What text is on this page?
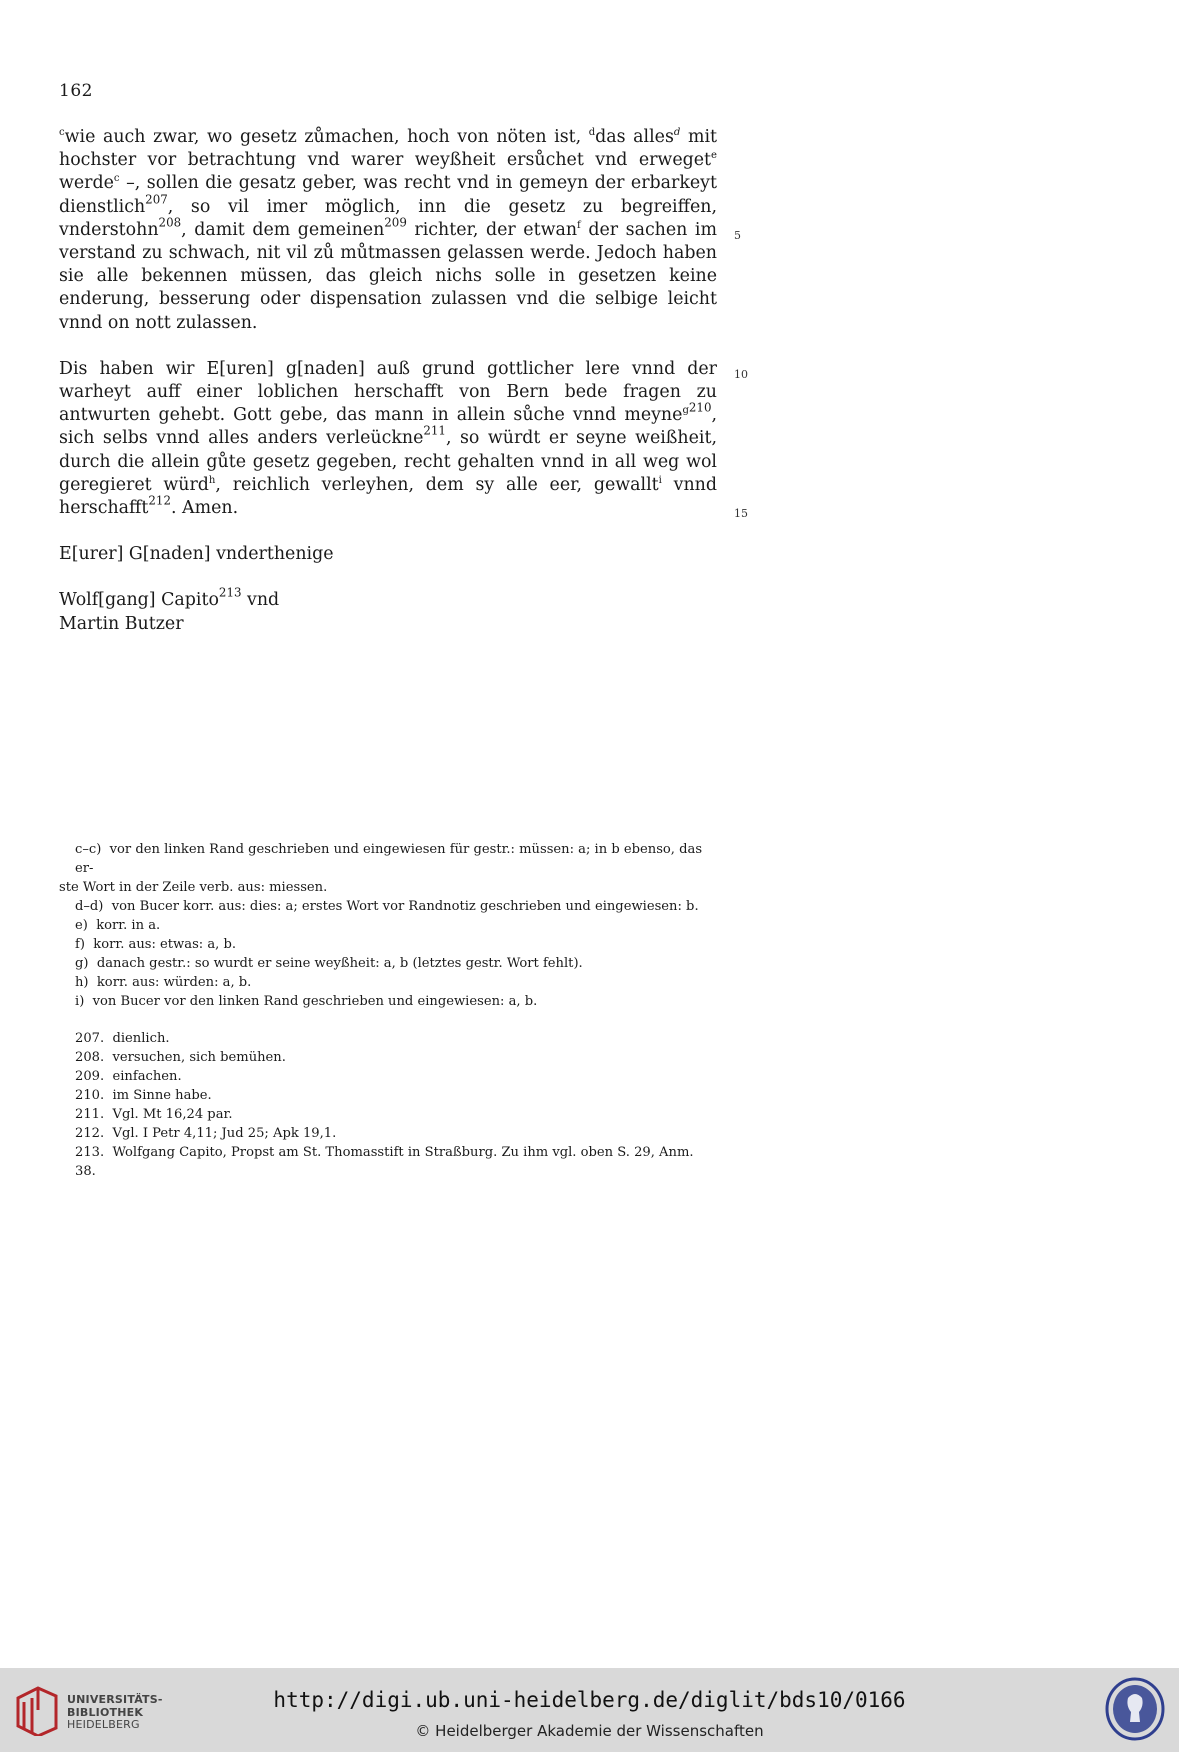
162

$^c$wie auch zwar, wo gesetz zůmachen, hoch von nöten ist, $^d$das alles$^d$ mit hochster vor betrachtung vnd warer weyßheit ersůchet vnd erweget$^e$ werde$^c$ –, sollen die gesatz geber, was recht vnd in gemeyn der erbarkeyt dienstlich$^{207}$, so vil imer möglich, inn die gesetz zu begreiffen, vnderstohn$^{208}$, damit dem gemeinen$^{209}$ richter, der etwan$^f$ der sachen im verstand zu schwach, nit vil zů můtmassen gelassen werde. Jedoch haben sie alle bekennen müssen, das gleich nichs solle in gesetzen keine enderung, besserung oder dispensation zulassen vnd die selbige leicht vnnd on nott zulassen.

Dis haben wir E[uren] g[naden] auß grund gottlicher lere vnnd der warheyt auff einer loblichen herschafft von Bern bede fragen zu antwurten gehebt. Gott gebe, das mann in allein sůche vnnd meyne$^{g210}$, sich selbs vnnd alles anders verleückne$^{211}$, so würdt er seyne weißheit, durch die allein gůte gesetz gegeben, recht gehalten vnnd in all weg wol geregieret würd$^h$, reichlich verleyhen, dem sy alle eer, gewallt$^i$ vnnd herschafft$^{212}$. Amen.

E[urer] G[naden] vnderthenige

Wolf[gang] Capito$^{213}$ vnd

Martin Butzer

5
10
15
c–c) vor den linken Rand geschrieben und eingewiesen für gestr.: müssen: a; in b ebenso, das er-
ste Wort in der Zeile verb. aus: miessen.
d–d) von Bucer korr. aus: dies: a; erstes Wort vor Randnotiz geschrieben und eingewiesen: b.
e) korr. in a.
f) korr. aus: etwas: a, b.
g) danach gestr.: so wurdt er seine weyßheit: a, b (letztes gestr. Wort fehlt).
h) korr. aus: würden: a, b.
i) von Bucer vor den linken Rand geschrieben und eingewiesen: a, b.
207. dienlich.
208. versuchen, sich bemühen.
209. einfachen.
210. im Sinne habe.
211. Vgl. Mt 16,24 par.
212. Vgl. I Petr 4,11; Jud 25; Apk 19,1.
213. Wolfgang Capito, Propst am St. Thomasstift in Straßburg. Zu ihm vgl. oben S. 29, Anm. 38.
UNIVERSITÄTS-
BIBLIOTHEK
HEIDELBERG
http://digi.ub.uni-heidelberg.de/diglit/bds10/0166
© Heidelberger Akademie der Wissenschaften
